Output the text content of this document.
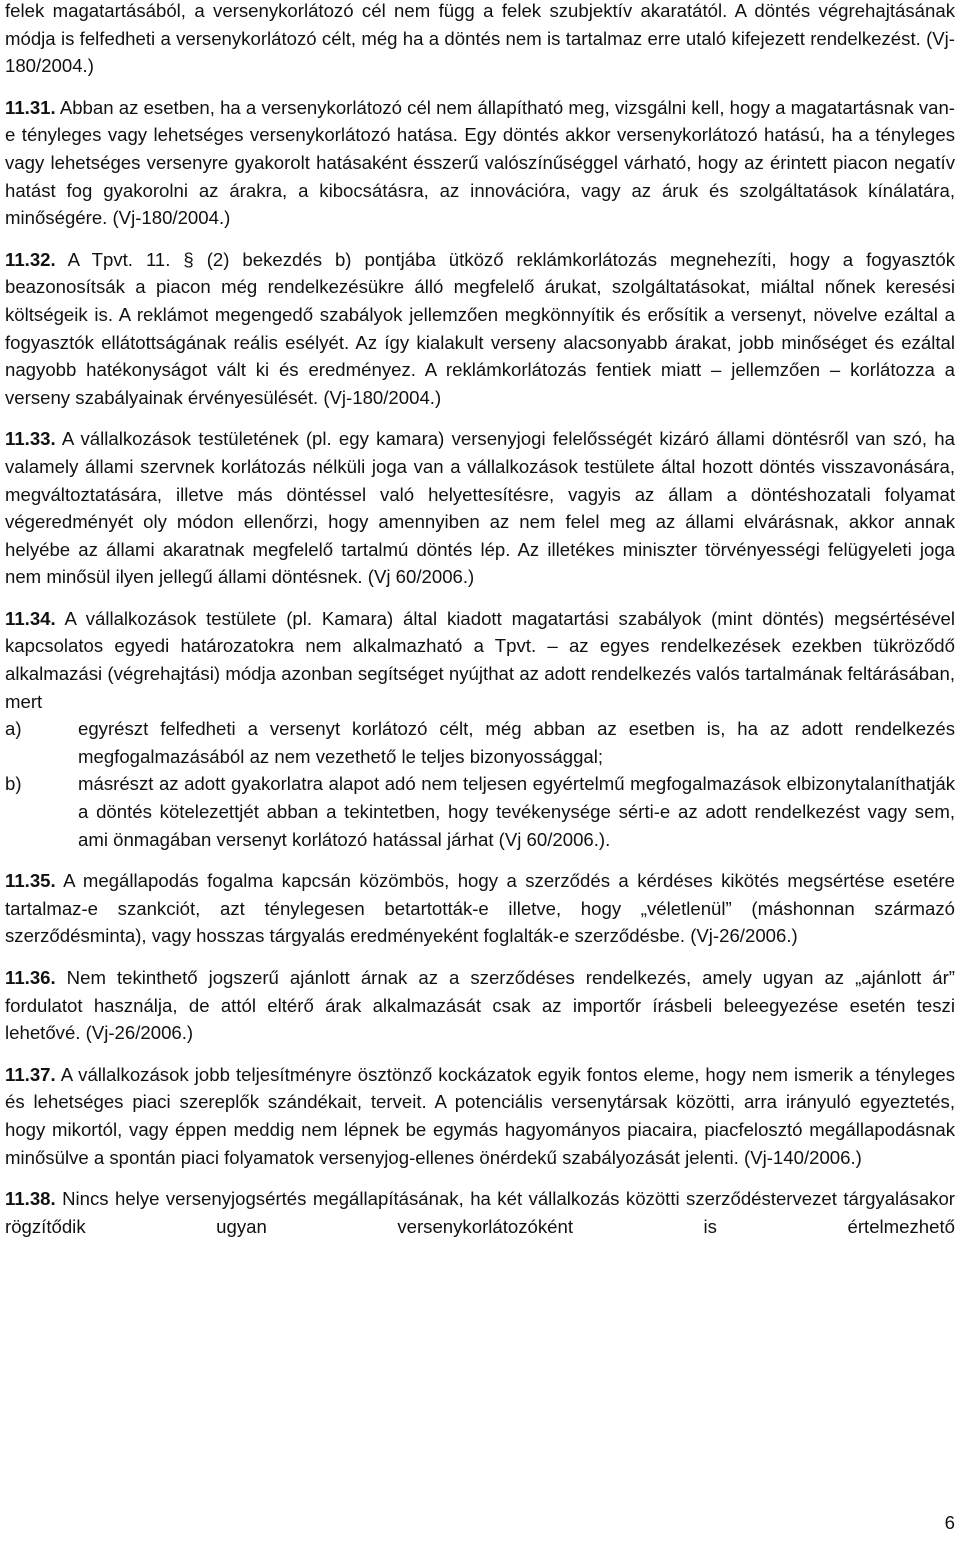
felek magatartásából, a versenykorlátozó cél nem függ a felek szubjektív akaratától. A döntés végrehajtásának módja is felfedheti a versenykorlátozó célt, még ha a döntés nem is tartalmaz erre utaló kifejezett rendelkezést. (Vj-180/2004.)

11.31. Abban az esetben, ha a versenykorlátozó cél nem állapítható meg, vizsgálni kell, hogy a magatartásnak van-e tényleges vagy lehetséges versenykorlátozó hatása. Egy döntés akkor versenykorlátozó hatású, ha a tényleges vagy lehetséges versenyre gyakorolt hatásaként ésszerű valószínűséggel várható, hogy az érintett piacon negatív hatást fog gyakorolni az árakra, a kibocsátásra, az innovációra, vagy az áruk és szolgáltatások kínálatára, minőségére. (Vj-180/2004.)

11.32. A Tpvt. 11. § (2) bekezdés b) pontjába ütköző reklámkorlátozás megnehezíti, hogy a fogyasztók beazonosítsák a piacon még rendelkezésükre álló megfelelő árukat, szolgáltatásokat, miáltal nőnek keresési költségeik is. A reklámot megengedő szabályok jellemzően megkönnyítik és erősítik a versenyt, növelve ezáltal a fogyasztók ellátottságának reális esélyét. Az így kialakult verseny alacsonyabb árakat, jobb minőséget és ezáltal nagyobb hatékonyságot vált ki és eredményez. A reklámkorlátozás fentiek miatt – jellemzően – korlátozza a verseny szabályainak érvényesülését. (Vj-180/2004.)

11.33. A vállalkozások testületének (pl. egy kamara) versenyjogi felelősségét kizáró állami döntésről van szó, ha valamely állami szervnek korlátozás nélküli joga van a vállalkozások testülete által hozott döntés visszavonására, megváltoztatására, illetve más döntéssel való helyettesítésre, vagyis az állam a döntéshozatali folyamat végeredményét oly módon ellenőrzi, hogy amennyiben az nem felel meg az állami elvárásnak, akkor annak helyébe az állami akaratnak megfelelő tartalmú döntés lép. Az illetékes miniszter törvényességi felügyeleti joga nem minősül ilyen jellegű állami döntésnek. (Vj 60/2006.)

11.34. A vállalkozások testülete (pl. Kamara) által kiadott magatartási szabályok (mint döntés) megsértésével kapcsolatos egyedi határozatokra nem alkalmazható a Tpvt. – az egyes rendelkezések ezekben tükröződő alkalmazási (végrehajtási) módja azonban segítséget nyújthat az adott rendelkezés valós tartalmának feltárásában, mert

a)	egyrészt felfedheti a versenyt korlátozó célt, még abban az esetben is, ha az adott rendelkezés megfogalmazásából az nem vezethető le teljes bizonyossággal;
b)	másrészt az adott gyakorlatra alapot adó nem teljesen egyértelmű megfogalmazások elbizonytalaníthatják a döntés kötelezettjét abban a tekintetben, hogy tevékenysége sérti-e az adott rendelkezést vagy sem, ami önmagában versenyt korlátozó hatással járhat (Vj 60/2006.).

11.35. A megállapodás fogalma kapcsán közömbös, hogy a szerződés a kérdéses kikötés megsértése esetére tartalmaz-e szankciót, azt ténylegesen betartották-e illetve, hogy „véletlenül” (máshonnan származó szerződésminta), vagy hosszas tárgyalás eredményeként foglalták-e szerződésbe. (Vj-26/2006.)

11.36. Nem tekinthető jogszerű ajánlott árnak az a szerződéses rendelkezés, amely ugyan az „ajánlott ár” fordulatot használja, de attól eltérő árak alkalmazását csak az importőr írásbeli beleegyezése esetén teszi lehetővé. (Vj-26/2006.)

11.37. A vállalkozások jobb teljesítményre ösztönző kockázatok egyik fontos eleme, hogy nem ismerik a tényleges és lehetséges piaci szereplők szándékait, terveit. A potenciális versenytársak közötti, arra irányuló egyeztetés, hogy mikortól, vagy éppen meddig nem lépnek be egymás hagyományos piacaira, piacfelosztó megállapodásnak minősülve a spontán piaci folyamatok versenyjog-ellenes önérdekű szabályozását jelenti. (Vj-140/2006.)

11.38. Nincs helye versenyjogsértés megállapításának, ha két vállalkozás közötti szerződéstervezet tárgyalásakor rögzítődik ugyan versenykorlátozóként is értelmezhető

6
